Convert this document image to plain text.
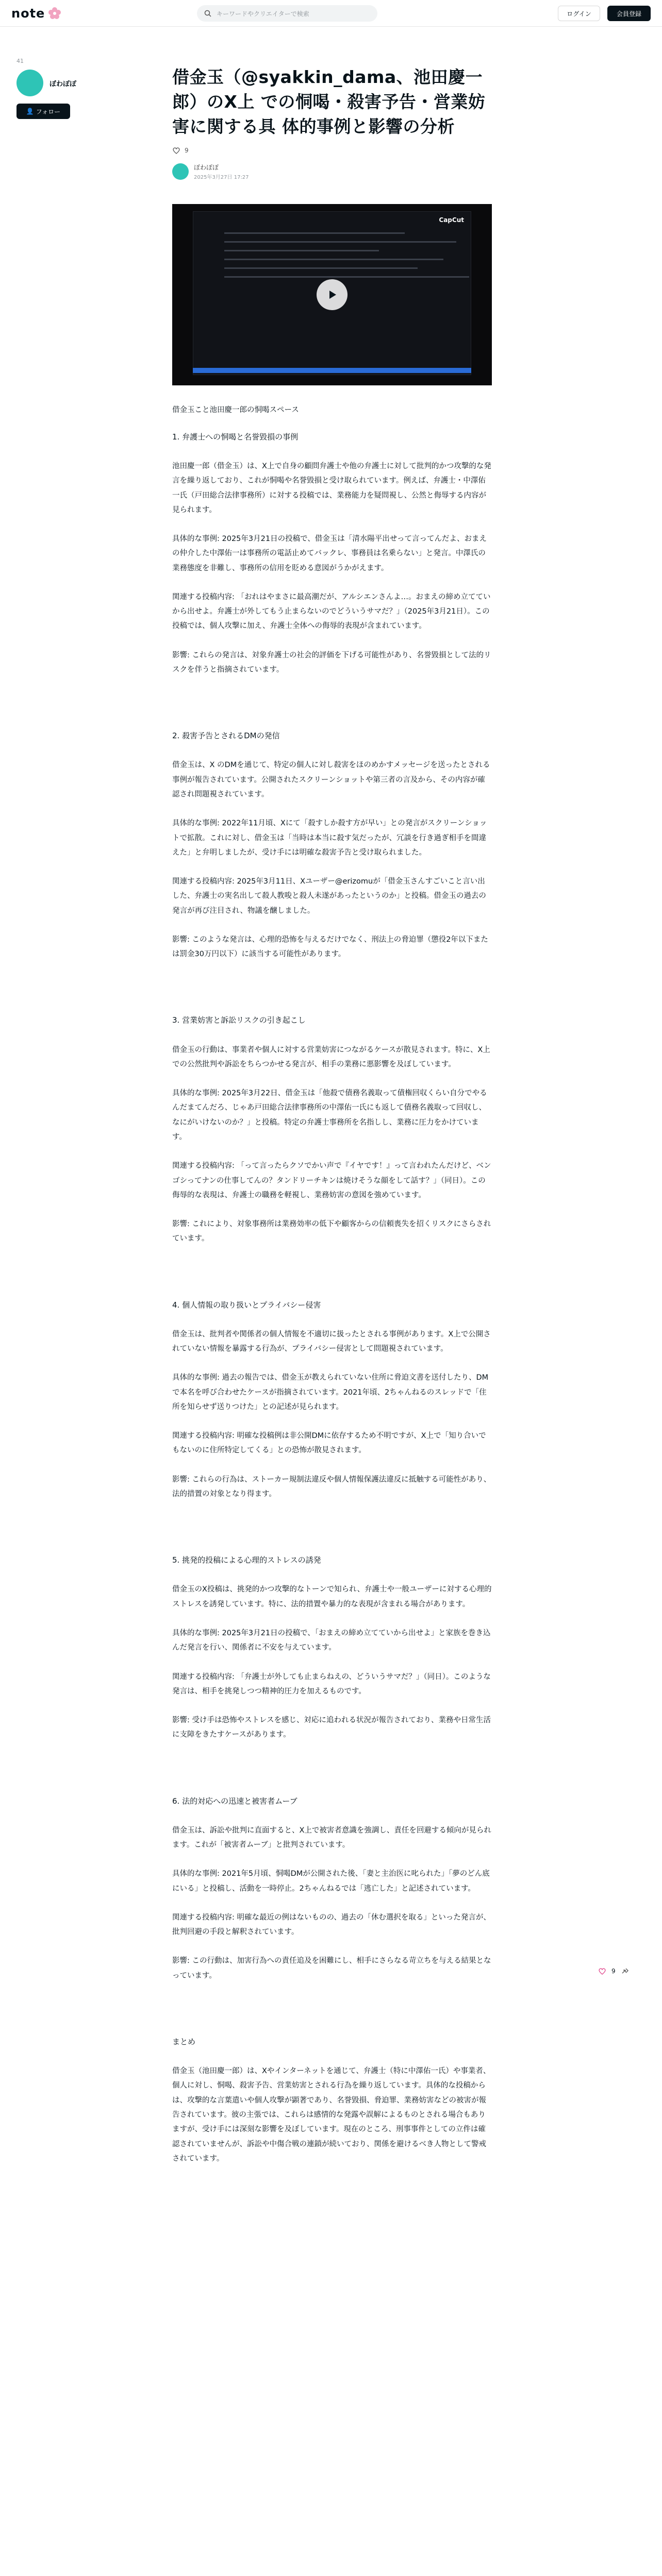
note	キーワードやクリエイターで検索	ログイン	会員登録
41
ぼわぽぽ
👤 フォロー
借金玉（@syakkin_dama、池田慶一郎）のX上 での恫喝・殺害予告・営業妨害に関する具 体的事例と影響の分析
9
ぼわぽぽ
2025年3月27日 17:27
CapCut

借金玉こと池田慶一郎の恫喝スペース

1. 弁護士への恫喝と名誉毀損の事例

池田慶一郎（借金玉）は、X上で自身の顧問弁護士や他の弁護士に対して批判的かつ攻撃的な発言を繰り返しており、これが恫喝や名誉毀損と受け取られています。例えば、弁護士・中澤佑一氏（戸田総合法律事務所）に対する投稿では、業務能力を疑問視し、公然と侮辱する内容が見られます。

具体的な事例: 2025年3月21日の投稿で、借金玉は「清水陽平出せって言ってんだよ、おまえの仲介した中澤佑一は事務所の電話止めてバックレ、事務員は名乗らない」と発言。中澤氏の業務態度を非難し、事務所の信用を貶める意図がうかがえます。

関連する投稿内容: 「おれはやまさに最高潮だが、アルシエンさんよ…。おまえの締め立てていから出せよ。弁護士が外してもう止まらないのでどういうサマだ？」（2025年3月21日）。この投稿では、個人攻撃に加え、弁護士全体への侮辱的表現が含まれています。

影響: これらの発言は、対象弁護士の社会的評価を下げる可能性があり、名誉毀損として法的リスクを伴うと指摘されています。

2. 殺害予告とされるDMの発信

借金玉は、X のDMを通じて、特定の個人に対し殺害をほのめかすメッセージを送ったとされる事例が報告されています。公開されたスクリーンショットや第三者の言及から、その内容が確認され問題視されています。

具体的な事例: 2022年11月頃、Xにて「殺すしか殺す方が早い」との発言がスクリーンショットで拡散。これに対し、借金玉は「当時は本当に殺す気だったが、冗談を行き過ぎ相手を間違えた」と弁明しましたが、受け手には明確な殺害予告と受け取られました。

関連する投稿内容: 2025年3月11日、Xユーザー@erizomuが「借金玉さんすごいこと言い出した、弁護士の実名出して殺人教唆と殺人未遂があったというのか」と投稿。借金玉の過去の発言が再び注目され、物議を醸しました。

影響: このような発言は、心理的恐怖を与えるだけでなく、刑法上の脅迫罪（懲役2年以下または罰金30万円以下）に該当する可能性があります。

3. 営業妨害と訴訟リスクの引き起こし

借金玉の行動は、事業者や個人に対する営業妨害につながるケースが散見されます。特に、X上での公然批判や訴訟をちらつかせる発言が、相手の業務に悪影響を及ぼしています。

具体的な事例: 2025年3月22日、借金玉は「他殺で債務名義取って債権回収くらい自分でやるんだまてんだろ、じゃあ戸田総合法律事務所の中澤佑一氏にも返して債務名義取って回収し、なにがいけないのか？」と投稿。特定の弁護士事務所を名指しし、業務に圧力をかけています。

関連する投稿内容: 「って言ったらクソでかい声で『イヤです！』って言われたんだけど、ベンゴシってナンの仕事してんの？タンドリーチキンは焼けそうな顔をして話す？」（同日）。この侮辱的な表現は、弁護士の職務を軽視し、業務妨害の意図を強めています。

影響: これにより、対象事務所は業務効率の低下や顧客からの信頼喪失を招くリスクにさらされています。

4. 個人情報の取り扱いとプライバシー侵害

借金玉は、批判者や関係者の個人情報を不適切に扱ったとされる事例があります。X上で公開されていない情報を暴露する行為が、プライバシー侵害として問題視されています。

具体的な事例: 過去の報告では、借金玉が教えられていない住所に脅迫文書を送付したり、DMで本名を呼び合わせたケースが指摘されています。2021年頃、2ちゃんねるのスレッドで「住所を知らせず送りつけた」との記述が見られます。

関連する投稿内容: 明確な投稿例は非公開DMに依存するため不明ですが、X上で「知り合いでもないのに住所特定してくる」との恐怖が散見されます。

影響: これらの行為は、ストーカー規制法違反や個人情報保護法違反に抵触する可能性があり、法的措置の対象となり得ます。

5. 挑発的投稿による心理的ストレスの誘発

借金玉のX投稿は、挑発的かつ攻撃的なトーンで知られ、弁護士や一般ユーザーに対する心理的ストレスを誘発しています。特に、法的措置や暴力的な表現が含まれる場合があります。

具体的な事例: 2025年3月21日の投稿で、「おまえの締め立てていから出せよ」と家族を巻き込んだ発言を行い、関係者に不安を与えています。

関連する投稿内容: 「弁護士が外しても止まらねえの、どういうサマだ？」（同日）。このような発言は、相手を挑発しつつ精神的圧力を加えるものです。

影響: 受け手は恐怖やストレスを感じ、対応に追われる状況が報告されており、業務や日常生活に支障をきたすケースがあります。

6. 法的対応への迅速と被害者ムーブ

借金玉は、訴訟や批判に直面すると、X上で被害者意識を強調し、責任を回避する傾向が見られます。これが「被害者ムーブ」と批判されています。

具体的な事例: 2021年5月頃、恫喝DMが公開された後、「妻と主治医に叱られた」「夢のどん底にいる」と投稿し、活動を一時停止。2ちゃんねるでは「逃亡した」と記述されています。

関連する投稿内容: 明確な最近の例はないものの、過去の「休む選択を取る」といった発言が、批判回避の手段と解釈されています。

影響: この行動は、加害行為への責任追及を困難にし、相手にさらなる苛立ちを与える結果となっています。

まとめ

借金玉（池田慶一郎）は、Xやインターネットを通じて、弁護士（特に中澤佑一氏）や事業者、個人に対し、恫喝、殺害予告、営業妨害とされる行為を繰り返しています。具体的な投稿からは、攻撃的な言葉遣いや個人攻撃が顕著であり、名誉毀損、脅迫罪、業務妨害などの被害が報告されています。彼の主張では、これらは感情的な発露や誤解によるものとされる場合もありますが、受け手には深刻な影響を及ぼしています。現在のところ、刑事事件としての立件は確認されていませんが、訴訟や中傷合戦の連鎖が続いており、関係を避けるべき人物として警戒されています。

9
